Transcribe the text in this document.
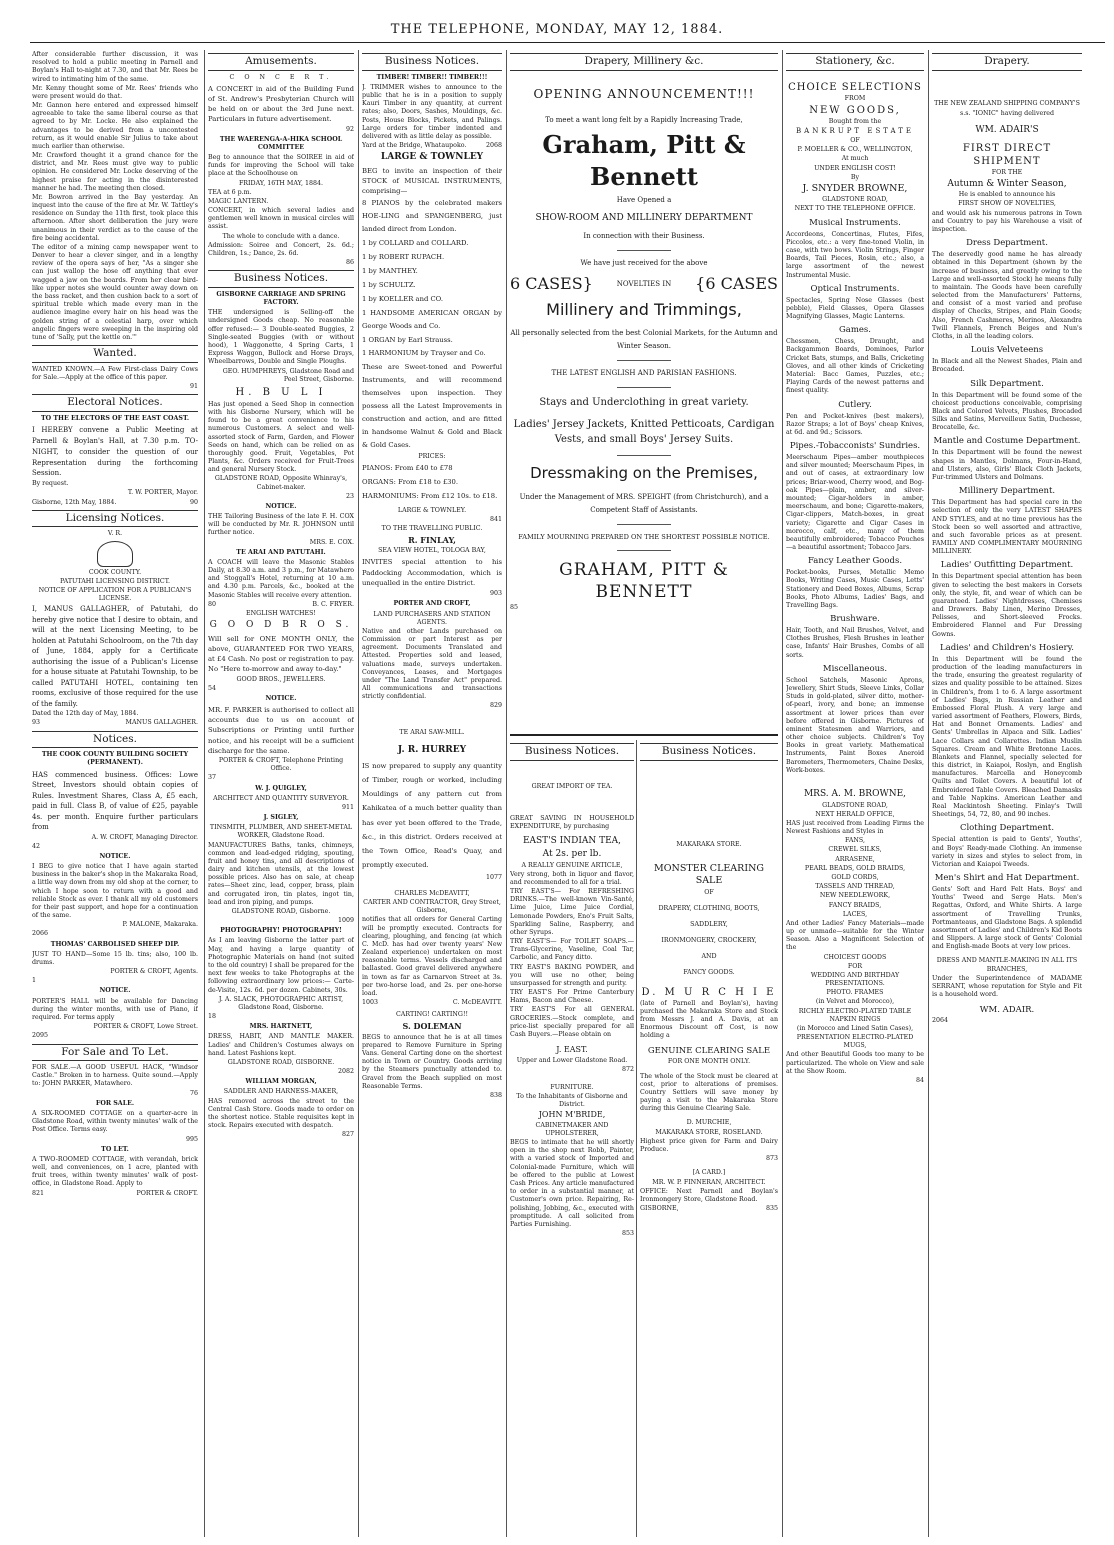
THE TELEPHONE, MONDAY, MAY 12, 1884.
After considerable further discussion, it was resolved to hold a public meeting in Parnell and Boylan's Hall to-night at 7.30, and that Mr. Rees be wired to intimating him of the same.
Mr. Kenny thought some of Mr. Rees' friends who were present would do that.
Mr. Gannon here entered and expressed himself agreeable to take the same liberal course as that agreed to by Mr. Locke. He also explained the advantages to be derived from a uncontested return, as it would enable Sir Julius to take about much earlier than otherwise.
Mr. Crawford thought it a grand chance for the district, and Mr. Rees must give way to public opinion. He considered Mr. Locke deserving of the highest praise for acting in the disinterested manner he had. The meeting then closed.
Mr. Bowron arrived in the Bay yesterday. An inquest into the cause of the fire at Mr. W. Tattley's residence on Sunday the 11th first, took place this afternoon. After short deliberation the jury were unanimous in their verdict as to the cause of the fire being accidental.
The editor of a mining camp newspaper went to Denver to hear a clever singer, and in a lengthy review of the opera says of her, "As a singer she can just wallop the hose off anything that ever wagged a jaw on the boards. From her clear bird-like upper notes she would counter away down on the bass racket, and then cushion back to a sort of spiritual treble which made every man in the audience imagine every hair on his head was the golden string of a celestial harp, over which angelic fingers were sweeping in the inspiring old tune of 'Sally, put the kettle on.'"
Wanted.

WANTED KNOWN.—A Few First-class Dairy Cows for Sale.—Apply at the office of this paper.

91
Electoral Notices.
TO THE ELECTORS OF THE EAST COAST.

I HEREBY convene a Public Meeting at Parnell & Boylan's Hall, at 7.30 p.m. TO-NIGHT, to consider the question of our Representation during the forthcoming Session.

By request.

T. W. PORTER, Mayor.
Gisborne, 12th May, 1884.	90
Licensing Notices.
V. R.
COOK COUNTY.
PATUTAHI LICENSING DISTRICT.
NOTICE OF APPLICATION FOR A PUBLICAN'S LICENSE.

I, MANUS GALLAGHER, of Patutahi, do hereby give notice that I desire to obtain, and will at the next Licensing Meeting, to be holden at Patutahi Schoolroom, on the 7th day of June, 1884, apply for a Certificate authorising the issue of a Publican's License for a house situate at Patutahi Township, to be called PATUTAHI HOTEL, containing ten rooms, exclusive of those required for the use of the family.

Dated the 12th day of May, 1884.

93	MANUS GALLAGHER.
Notices.
THE COOK COUNTY BUILDING SOCIETY (PERMANENT).

HAS commenced business. Offices: Lowe Street, Investors should obtain copies of Rules. Investment Shares, Class A, £5 each, paid in full. Class B, of value of £25, payable 4s. per month. Enquire further particulars from

A. W. CROFT, Managing Director.
42
NOTICE.

I BEG to give notice that I have again started business in the baker's shop in the Makaraka Road, a little way down from my old shop at the corner, to which I hope soon to return with a good and reliable Stock as ever. I thank all my old customers for their past support, and hope for a continuation of the same.

P. MALONE, Makaraka.
2066
THOMAS' CARBOLISED SHEEP DIP.

JUST TO HAND—Some 15 lb. tins; also, 100 lb. drums.

PORTER & CROFT, Agents.
1
NOTICE.

PORTER'S HALL will be available for Dancing during the winter months, with use of Piano, if required. For terms apply

PORTER & CROFT, Lowe Street.
2095
For Sale and To Let.

FOR SALE.—A GOOD USEFUL HACK, "Windsor Castle." Broken in to harness. Quite sound.—Apply to: JOHN PARKER, Matawhero.

76
FOR SALE.

A SIX-ROOMED COTTAGE on a quarter-acre in Gladstone Road, within twenty minutes' walk of the Post Office. Terms easy.

995
TO LET.

A TWO-ROOMED COTTAGE, with verandah, brick well, and conveniences, on 1 acre, planted with fruit trees, within twenty minutes' walk of post-office, in Gladstone Road. Apply to

821	PORTER & CROFT.
Amusements.
C O N C E R T.

A CONCERT in aid of the Building Fund of St. Andrew's Presbyterian Church will be held on or about the 3rd June next. Particulars in future advertisement.

92
THE WAERENGA-A-HIKA SCHOOL COMMITTEE

Beg to announce that the SOIREE in aid of funds for improving the School will take place at the Schoolhouse on

FRIDAY, 16TH MAY, 1884.

TEA at 6 p.m.

MAGIC LANTERN.

CONCERT, in which several ladies and gentlemen well known in musical circles will assist.

The whole to conclude with a dance.

Admission: Soiree and Concert, 2s. 6d.; Children, 1s.; Dance, 2s. 6d.

86
Business Notices.
GISBORNE CARRIAGE AND SPRING FACTORY.

THE undersigned is Selling-off the undersigned Goods cheap. No reasonable offer refused:— 3 Double-seated Buggies, 2 Single-seated Buggies (with or without hood), 1 Waggonette, 4 Spring Carts, 1 Express Waggon, Bullock and Horse Drays, Wheelbarrows, Double and Single Ploughs.

GEO. HUMPHREYS, Gladstone Road and Peel Street, Gisborne.
H. B U L I

Has just opened a Seed Shop in connection with his Gisborne Nursery, which will be found to be a great convenience to his numerous Customers. A select and well-assorted stock of Farm, Garden, and Flower Seeds on hand, which can be relied on as thoroughly good. Fruit, Vegetables, Pot Plants, &c. Orders received for Fruit-Trees and general Nursery Stock.

GLADSTONE ROAD, Opposite Whinray's, Cabinet-maker.
23
NOTICE.

THE Tailoring Business of the late F. H. COX will be conducted by Mr. R. JOHNSON until further notice.

MRS. E. COX.
TE ARAI AND PATUTAHI.

A COACH will leave the Masonic Stables Daily, at 8.30 a.m. and 3 p.m., for Matawhero and Stoggall's Hotel, returning at 10 a.m. and 4.30 p.m. Parcels, &c., booked at the Masonic Stables will receive every attention.

80	B. C. FRYER.
ENGLISH WATCHES!
G O O D B R O S.

Will sell for ONE MONTH ONLY, the above, GUARANTEED FOR TWO YEARS, at £4 Cash. No post or registration to pay. No "Here to-morrow and away to-day."

GOOD BROS., JEWELLERS.
54
NOTICE.

MR. F. PARKER is authorised to collect all accounts due to us on account of Subscriptions or Printing until further notice, and his receipt will be a sufficient discharge for the same.

PORTER & CROFT, Telephone Printing Office.
37
W. J. QUIGLEY,
ARCHITECT AND QUANTITY SURVEYOR.
911
J. SIGLEY,
TINSMITH, PLUMBER, AND SHEET-METAL WORKER, Gladstone Road.

MANUFACTURES Baths, tanks, chimneys, common and lead-edged ridging, spouting, fruit and honey tins, and all descriptions of dairy and kitchen utensils, at the lowest possible prices. Also has on sale, at cheap rates—Sheet zinc, lead, copper, brass, plain and corrugated iron, tin plates, ingot tin, lead and iron piping, and pumps.

GLADSTONE ROAD, Gisborne.
1009
PHOTOGRAPHY! PHOTOGRAPHY!

As I am leaving Gisborne the latter part of May, and having a large quantity of Photographic Materials on hand (not suited to the old country) I shall be prepared for the next few weeks to take Photographs at the following extraordinary low prices:— Carte-de-Visite, 12s. 6d. per dozen. Cabinets, 30s.

J. A. SLACK, PHOTOGRAPHIC ARTIST, Gladstone Road, Gisborne.
18
MRS. HARTNETT,

DRESS, HABIT, AND MANTLE MAKER. Ladies' and Children's Costumes always on hand. Latest Fashions kept.

GLADSTONE ROAD, GISBORNE.
2082
WILLIAM MORGAN,
SADDLER AND HARNESS-MAKER,

HAS removed across the street to the Central Cash Store. Goods made to order on the shortest notice. Stable requisites kept in stock. Repairs executed with despatch.

827
Business Notices.
TIMBER! TIMBER!! TIMBER!!!

J. TRIMMER wishes to announce to the public that he is in a position to supply Kauri Timber in any quantity, at current rates; also, Doors, Sashes, Mouldings, &c. Posts, House Blocks, Pickets, and Palings. Large orders for timber indented and delivered with as little delay as possible.

Yard at the Bridge, Whataupoko.	2068
LARGE & TOWNLEY

BEG to invite an inspection of their STOCK of MUSICAL INSTRUMENTS, comprising—

8 PIANOS by the celebrated makers HOE-LING and SPANGENBERG, just landed direct from London.
1 by COLLARD and COLLARD.
1 by ROBERT RUPACH.
1 by MANTHEY.
1 by SCHULTZ.
1 by KOELLER and CO.
1 HANDSOME AMERICAN ORGAN by George Woods and Co.
1 ORGAN by Earl Strauss.
1 HARMONIUM by Trayser and Co.

These are Sweet-toned and Powerful Instruments, and will recommend themselves upon inspection. They possess all the Latest Improvements in construction and action, and are fitted in handsome Walnut & Gold and Black & Gold Cases.

PRICES:
PIANOS: From £40 to £78
ORGANS: From £18 to £30.
HARMONIUMS: From £12 10s. to £18.
LARGE & TOWNLEY.
841
TO THE TRAVELLING PUBLIC.
R. FINLAY,
SEA VIEW HOTEL, TOLOGA BAY,

INVITES special attention to his Paddocking Accommodation, which is unequalled in the entire District.

903
PORTER AND CROFT,
LAND PURCHASERS AND STATION AGENTS.

Native and other Lands purchased on Commission or part Interest as per agreement. Documents Translated and Attested. Properties sold and leased, valuations made, surveys undertaken. Conveyances, Leases, and Mortgages under "The Land Transfer Act" prepared. All communications and transactions strictly confidential.

829
TE ARAI SAW-MILL.
J. R. HURREY

IS now prepared to supply any quantity of Timber, rough or worked, including Mouldings of any pattern cut from Kahikatea of a much better quality than has ever yet been offered to the Trade, &c., in this district. Orders received at the Town Office, Read's Quay, and promptly executed.

1077
CHARLES McDEAVITT,
CARTER AND CONTRACTOR, Grey Street, Gisborne,

notifies that all orders for General Carting will be promptly executed. Contracts for clearing, ploughing, and fencing (at which C. McD. has had over twenty years' New Zealand experience) undertaken on most reasonable terms. Vessels discharged and ballasted. Good gravel delivered anywhere in town as far as Carnarvon Street at 3s. per two-horse load, and 2s. per one-horse load.

1003	C. McDEAVITT.
CARTING! CARTING!!
S. DOLEMAN

BEGS to announce that he is at all times prepared to Remove Furniture in Spring Vans. General Carting done on the shortest notice in Town or Country. Goods arriving by the Steamers punctually attended to. Gravel from the Beach supplied on most Reasonable Terms.

838
Drapery, Millinery &c.
OPENING ANNOUNCEMENT!!!
To meet a want long felt by a Rapidly Increasing Trade,
Graham, Pitt & Bennett
Have Opened a
SHOW-ROOM AND MILLINERY DEPARTMENT
In connection with their Business.
We have just received for the above
6 CASES}	NOVELTIES IN {6 CASES
Millinery and Trimmings,
All personally selected from the best Colonial Markets, for the Autumn and Winter Season.
THE LATEST ENGLISH AND PARISIAN FASHIONS.
Stays and Underclothing in great variety.
Ladies' Jersey Jackets, Knitted Petticoats, Cardigan Vests, and small Boys' Jersey Suits.
Dressmaking on the Premises,
Under the Management of MRS. SPEIGHT (from Christchurch), and a Competent Staff of Assistants.
FAMILY MOURNING PREPARED ON THE SHORTEST POSSIBLE NOTICE.
GRAHAM, PITT & BENNETT
85
Business Notices.
GREAT IMPORT OF TEA.

GREAT SAVING IN HOUSEHOLD EXPENDITURE, by purchasing

EAST'S INDIAN TEA,
At 2s. per lb.
A REALLY GENUINE ARTICLE,

Very strong, both in liquor and flavor, and recommended to all for a trial.

TRY EAST'S— For REFRESHING DRINKS.—The well-known Vin-Santé, Lime Juice, Lime Juice Cordial, Lemonade Powders, Eno's Fruit Salts, Sparkling Saline, Raspberry, and other Syrups.
TRY EAST'S— For TOILET SOAPS.—Trans-Glycerine, Vaseline, Coal Tar, Carbolic, and Fancy ditto.
TRY EAST'S BAKING POWDER, and you will use no other, being unsurpassed for strength and purity.
TRY EAST'S For Prime Canterbury Hams, Bacon and Cheese.
TRY EAST'S For all GENERAL GROCERIES.—Stock complete, and price-list specially prepared for all Cash Buyers.—Please obtain on
J. EAST.
Upper and Lower Gladstone Road.
872
FURNITURE.
To the Inhabitants of Gisborne and District.
JOHN M'BRIDE,
CABINETMAKER AND UPHOLSTERER,

BEGS to intimate that he will shortly open in the shop next Robb, Painter, with a varied stock of Imported and Colonial-made Furniture, which will be offered to the public at Lowest Cash Prices. Any article manufactured to order in a substantial manner, at Customer's own price. Repairing, Re-polishing, Jobbing, &c., executed with promptitude. A call solicited from Parties Furnishing.

853
Business Notices.
MAKARAKA STORE.
MONSTER CLEARING SALE
OF
DRAPERY, CLOTHING, BOOTS,
SADDLERY,
IRONMONGERY, CROCKERY,
AND
FANCY GOODS.
D. M U R C H I E

(late of Parnell and Boylan's), having purchased the Makaraka Store and Stock from Messrs J. and A. Davis, at an Enormous Discount off Cost, is now holding a

GENUINE CLEARING SALE
FOR ONE MONTH ONLY.

The whole of the Stock must be cleared at cost, prior to alterations of premises. Country Settlers will save money by paying a visit to the Makaraka Store during this Genuine Clearing Sale.

D. MURCHIE,
MAKARAKA STORE, ROSELAND.

Highest price given for Farm and Dairy Produce.

873
[A CARD.]
MR. W. P. FINNERAN, ARCHITECT.

OFFICE: Next Parnell and Boylan's Ironmongery Store, Gladstone Road.

GISBORNE,	835
Stationery, &c.
CHOICE SELECTIONS
FROM
NEW GOODS,
Bought from the
BANKRUPT ESTATE
OF
P. MOELLER & CO., WELLINGTON,
At much
UNDER ENGLISH COST!
By
J. SNYDER BROWNE,
GLADSTONE ROAD,
NEXT TO THE TELEPHONE OFFICE.
Musical Instruments.

Accordeons, Concertinas, Flutes, Fifes, Piccolos, etc.: a very fine-toned Violin, in case, with two bows. Violin Strings, Finger Boards, Tail Pieces, Rosin, etc.; also, a large assortment of the newest Instrumental Music.

Optical Instruments.

Spectacles, Spring Nose Glasses (best pebble), Field Glasses, Opera Glasses Magnifying Glasses, Magic Lanterns.

Games.

Chessmen, Chess, Draught, and Backgammon Boards, Dominoes, Parlor Cricket Bats, stumps, and Balls, Cricketing Gloves, and all other kinds of Cricketing Material: Bacc Games, Puzzles, etc.; Playing Cards of the newest patterns and finest quality.

Cutlery.

Pen and Pocket-knives (best makers), Razor Straps; a lot of Boys' cheap Knives, at 6d. and 9d.; Scissors.

Pipes.-Tobacconists' Sundries.

Meerschaum Pipes—amber mouthpieces and silver mounted; Meerschaum Pipes, in and out of cases, at extraordinary low prices; Briar-wood, Cherry wood, and Bog-oak Pipes—plain, amber, and silver-mounted; Cigar-holders in amber, meerschaum, and bone; Cigarette-makers, Cigar-clippers, Match-boxes, in great variety; Cigarette and Cigar Cases in morocco, calf, etc., many of them beautifully embroidered; Tobacco Pouches—a beautiful assortment; Tobacco Jars.

Fancy Leather Goods.

Pocket-books, Purses, Metallic Memo Books, Writing Cases, Music Cases, Letts' Stationery and Deed Boxes, Albums, Scrap Books, Photo Albums, Ladies' Bags, and Travelling Bags.

Brushware.

Hair, Tooth, and Nail Brushes, Velvet, and Clothes Brushes, Flesh Brushes in leather case, Infants' Hair Brushes, Combs of all sorts.

Miscellaneous.

School Satchels, Masonic Aprons, Jewellery, Shirt Studs, Sleeve Links, Collar Studs in gold-plated, silver ditto, mother-of-pearl, ivory, and bone; an immense assortment at lower prices than ever before offered in Gisborne. Pictures of eminent Statesmen and Warriors, and other choice subjects. Children's Toy Books in great variety. Mathematical Instruments, Paint Boxes Aneroid Barometers, Thermometers, Chaine Desks, Work-boxes.

MRS. A. M. BROWNE,
GLADSTONE ROAD,
NEXT HERALD OFFICE,

HAS just received from Leading Firms the Newest Fashions and Styles in

FANS,
CREWEL SILKS,
ARRASENE,
PEARL BEADS, GOLD BRAIDS,
GOLD CORDS,
TASSELS AND THREAD,
NEW NEEDLEWORK,
FANCY BRAIDS,
LACES,

And other Ladies' Fancy Materials—made up or unmade—suitable for the Winter Season. Also a Magnificent Selection of the

CHOICEST GOODS
FOR
WEDDING AND BIRTHDAY PRESENTATIONS.
PHOTO. FRAMES
(in Velvet and Morocco),
RICHLY ELECTRO-PLATED TABLE NAPKIN RINGS
(in Morocco and Lined Satin Cases),
PRESENTATION ELECTRO-PLATED MUGS,

And other Beautiful Goods too many to be particularized. The whole on View and sale at the Show Room.

84
Drapery.

THE NEW ZEALAND SHIPPING COMPANY'S s.s. "IONIC" having delivered

WM. ADAIR'S
FIRST DIRECT SHIPMENT
FOR THE
Autumn & Winter Season,
He is enabled to announce his
FIRST SHOW OF NOVELTIES,

and would ask his numerous patrons in Town and Country to pay his Warehouse a visit of inspection.

Dress Department.

The deservedly good name he has already obtained in this Department (shown by the increase of business, and greatly owing to the Large and well-assorted Stock) he means fully to maintain. The Goods have been carefully selected from the Manufacturers' Patterns, and consist of a most varied and profuse display of Checks, Stripes, and Plain Goods; Also, French Cashmeres, Merinos, Alexandra Twill Flannels, French Beiges and Nun's Cloths, in all the leading colors.

Louis Velveteens

In Black and all the Newest Shades, Plain and Brocaded.

Silk Department.

In this Department will be found some of the choicest productions conceivable, comprising Black and Colored Velvets, Plushes, Brocaded Silks and Satins, Merveilleux Satin, Duchesse, Brocatelle, &c.

Mantle and Costume Department.

In this Department will be found the newest shapes in Mantles, Dolmans, Four-in-Hand, and Ulsters, also, Girls' Black Cloth Jackets, Fur-trimmed Ulsters and Dolmans.

Millinery Department.

This Department has had special care in the selection of only the very LATEST SHAPES AND STYLES, and at no time previous has the Stock been so well assorted and attractive, and such favorable prices as at present. FAMILY AND COMPLIMENTARY MOURNING MILLINERY.

Ladies' Outfitting Department.

In this Department special attention has been given to selecting the best makers in Corsets only, the style, fit, and wear of which can be guaranteed. Ladies' Nightdresses, Chemises and Drawers. Baby Linen, Merino Dresses, Pelisses, and Short-sleeved Frocks. Embroidered Flannel and Fur Dressing Gowns.

Ladies' and Children's Hosiery.

In this Department will be found the production of the leading manufacturers in the trade, ensuring the greatest regularity of sizes and quality possible to be attained. Sizes in Children's, from 1 to 6. A large assortment of Ladies' Bags, in Russian Leather and Embossed Floral Plush. A very large and varied assortment of Feathers, Flowers, Birds, Hat and Bonnet Ornaments. Ladies' and Gents' Umbrellas in Alpaca and Silk. Ladies' Lace Collars and Collarettes. Indian Muslin Squares. Cream and White Bretonne Laces. Blankets and Flannel, specially selected for this district, in Kaiapoi, Roslyn, and English manufactures. Marcella and Honeycomb Quilts and Toilet Covers. A beautiful lot of Embroidered Table Covers. Bleached Damasks and Table Napkins. American Leather and Real Mackintosh Sheeting. Finlay's Twill Sheetings, 54, 72, 80, and 90 inches.

Clothing Department.

Special attention is paid to Gents', Youths', and Boys' Ready-made Clothing. An immense variety in sizes and styles to select from, in Victorian and Kaiapoi Tweeds.

Men's Shirt and Hat Department.

Gents' Soft and Hard Felt Hats. Boys' and Youths' Tweed and Serge Hats. Men's Regattas, Oxford, and White Shirts. A large assortment of Travelling Trunks, Portmanteaus, and Gladstone Bags. A splendid assortment of Ladies' and Children's Kid Boots and Slippers. A large stock of Gents' Colonial and English-made Boots at very low prices.

DRESS AND MANTLE-MAKING IN ALL ITS BRANCHES,

Under the Superintendence of MADAME SERRANT, whose reputation for Style and Fit is a household word.

WM. ADAIR.
2064
